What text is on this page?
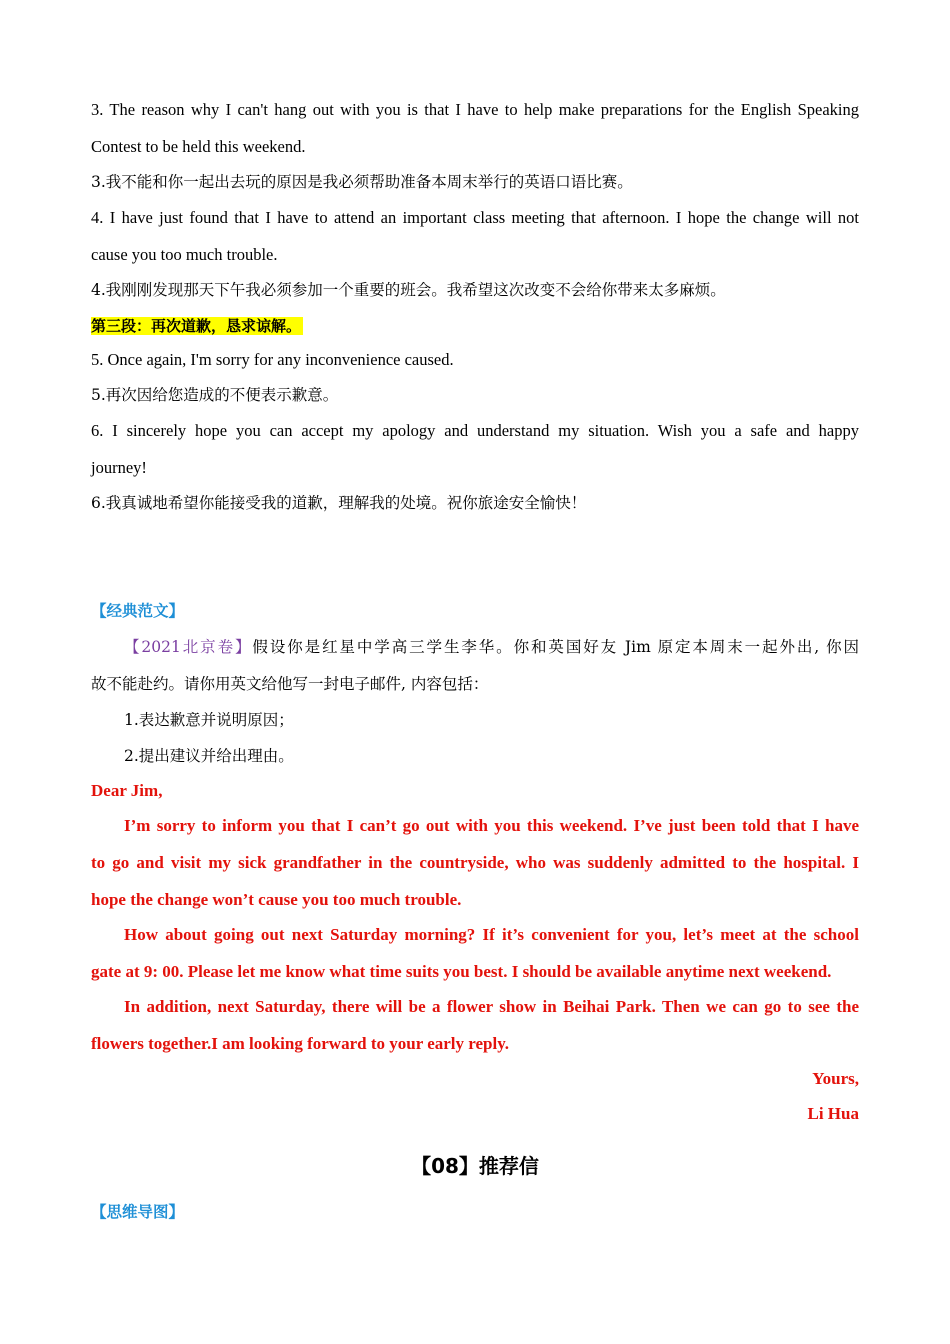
3. The reason why I can't hang out with you is that I have to help make preparations for the English Speaking
Contest to be held this weekend.
3.我不能和你一起出去玩的原因是我必须帮助准备本周末举行的英语口语比赛。
4. I have just found that I have to attend an important class meeting that afternoon. I hope the change will not
cause you too much trouble.
4.我刚刚发现那天下午我必须参加一个重要的班会。我希望这次改变不会给你带来太多麻烦。
第三段：再次道歉，恳求谅解。
5. Once again, I'm sorry for any inconvenience caused.
5.再次因给您造成的不便表示歉意。
6. I sincerely hope you can accept my apology and understand my situation. Wish you a safe and happy
journey!
6.我真诚地希望你能接受我的道歉，理解我的处境。祝你旅途安全愉快！
【经典范文】
【2021北京卷】假设你是红星中学高三学生李华。你和英国好友 Jim 原定本周末一起外出, 你因
故不能赴约。请你用英文给他写一封电子邮件, 内容包括：
1.表达歉意并说明原因；
2.提出建议并给出理由。
Dear Jim,
I’m sorry to inform you that I can’t go out with you this weekend. I’ve just been told that I have
to go and visit my sick grandfather in the countryside, who was suddenly admitted to the hospital. I
hope the change won’t cause you too much trouble.
How about going out next Saturday morning? If it’s convenient for you, let’s meet at the school
gate at 9: 00. Please let me know what time suits you best. I should be available anytime next weekend.
In addition, next Saturday, there will be a flower show in Beihai Park. Then we can go to see the
flowers together.I am looking forward to your early reply.
Yours,
Li Hua
【08】推荐信
【思维导图】
